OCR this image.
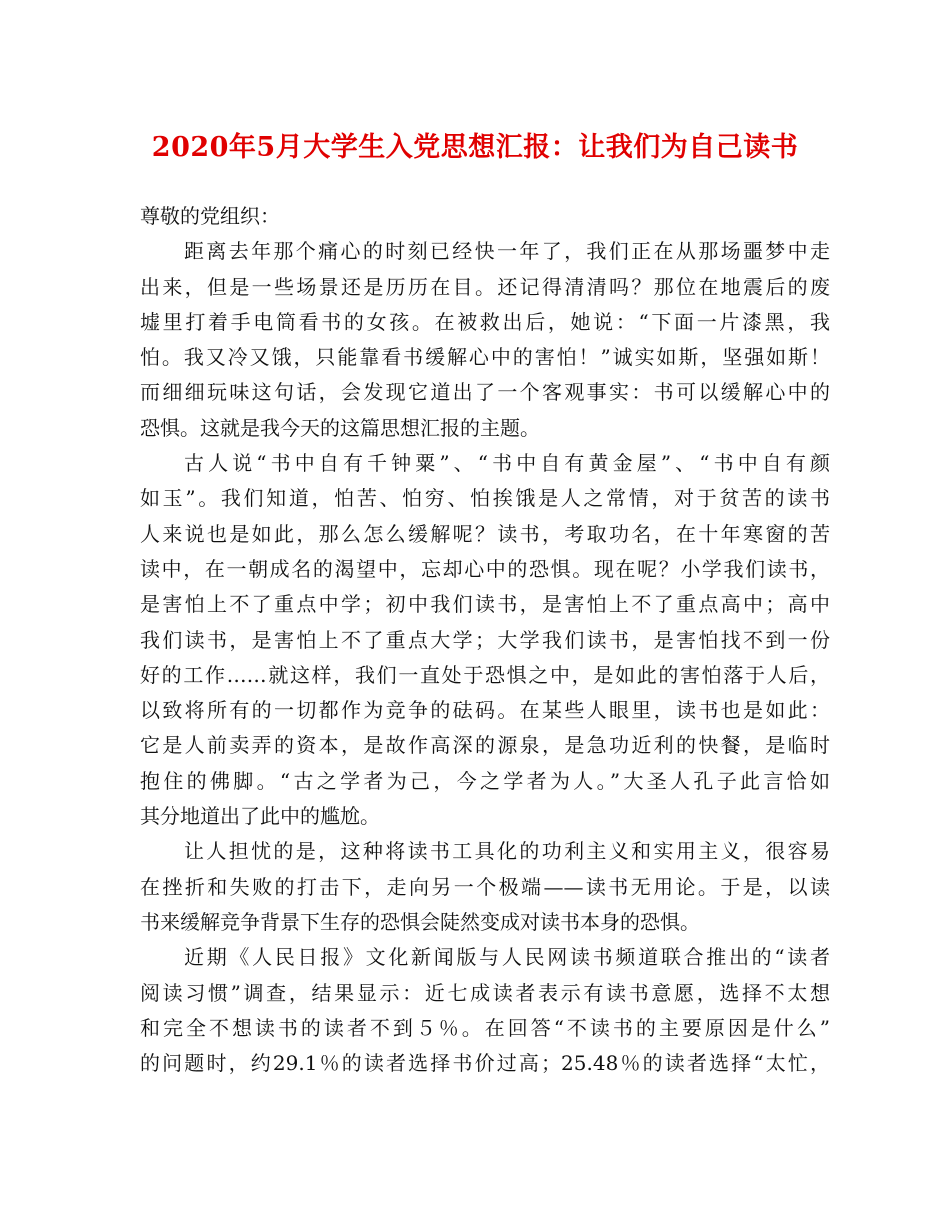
2020年5月大学生入党思想汇报：让我们为自己读书
尊敬的党组织：
距离去年那个痛心的时刻已经快一年了，我们正在从那场噩梦中走
出来，但是一些场景还是历历在目。还记得清清吗？那位在地震后的废
墟里打着手电筒看书的女孩。在被救出后，她说：“下面一片漆黑，我
怕。我又冷又饿，只能靠看书缓解心中的害怕！”诚实如斯，坚强如斯！
而细细玩味这句话，会发现它道出了一个客观事实：书可以缓解心中的
恐惧。这就是我今天的这篇思想汇报的主题。
古人说“书中自有千钟粟”、“书中自有黄金屋”、“书中自有颜
如玉”。我们知道，怕苦、怕穷、怕挨饿是人之常情，对于贫苦的读书
人来说也是如此，那么怎么缓解呢？读书，考取功名，在十年寒窗的苦
读中，在一朝成名的渴望中，忘却心中的恐惧。现在呢？小学我们读书，
是害怕上不了重点中学；初中我们读书，是害怕上不了重点高中；高中
我们读书，是害怕上不了重点大学；大学我们读书，是害怕找不到一份
好的工作……就这样，我们一直处于恐惧之中，是如此的害怕落于人后，
以致将所有的一切都作为竞争的砝码。在某些人眼里，读书也是如此：
它是人前卖弄的资本，是故作高深的源泉，是急功近利的快餐，是临时
抱住的佛脚。“古之学者为己，今之学者为人。”大圣人孔子此言恰如
其分地道出了此中的尴尬。
让人担忧的是，这种将读书工具化的功利主义和实用主义，很容易
在挫折和失败的打击下，走向另一个极端——读书无用论。于是，以读
书来缓解竞争背景下生存的恐惧会陡然变成对读书本身的恐惧。
近期《人民日报》文化新闻版与人民网读书频道联合推出的“读者
阅读习惯”调查，结果显示：近七成读者表示有读书意愿，选择不太想
和完全不想读书的读者不到５％。在回答“不读书的主要原因是什么”
的问题时，约29.1％的读者选择书价过高；25.48％的读者选择“太忙，
